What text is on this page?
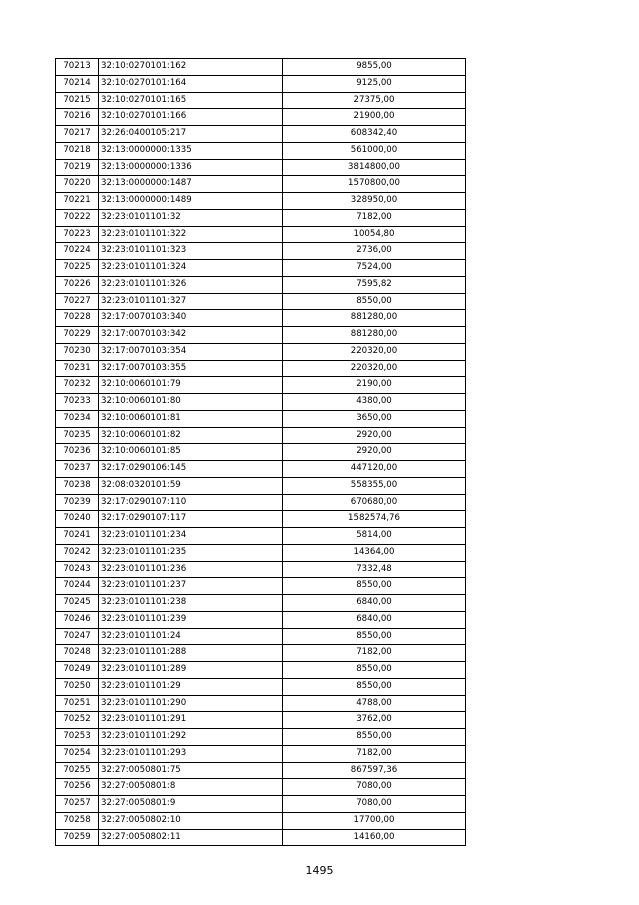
70213	32:10:0270101:162	9855,00
70214	32:10:0270101:164	9125,00
70215	32:10:0270101:165	27375,00
70216	32:10:0270101:166	21900,00
70217	32:26:0400105:217	608342,40
70218	32:13:0000000:1335	561000,00
70219	32:13:0000000:1336	3814800,00
70220	32:13:0000000:1487	1570800,00
70221	32:13:0000000:1489	328950,00
70222	32:23:0101101:32	7182,00
70223	32:23:0101101:322	10054,80
70224	32:23:0101101:323	2736,00
70225	32:23:0101101:324	7524,00
70226	32:23:0101101:326	7595,82
70227	32:23:0101101:327	8550,00
70228	32:17:0070103:340	881280,00
70229	32:17:0070103:342	881280,00
70230	32:17:0070103:354	220320,00
70231	32:17:0070103:355	220320,00
70232	32:10:0060101:79	2190,00
70233	32:10:0060101:80	4380,00
70234	32:10:0060101:81	3650,00
70235	32:10:0060101:82	2920,00
70236	32:10:0060101:85	2920,00
70237	32:17:0290106:145	447120,00
70238	32:08:0320101:59	558355,00
70239	32:17:0290107:110	670680,00
70240	32:17:0290107:117	1582574,76
70241	32:23:0101101:234	5814,00
70242	32:23:0101101:235	14364,00
70243	32:23:0101101:236	7332,48
70244	32:23:0101101:237	8550,00
70245	32:23:0101101:238	6840,00
70246	32:23:0101101:239	6840,00
70247	32:23:0101101:24	8550,00
70248	32:23:0101101:288	7182,00
70249	32:23:0101101:289	8550,00
70250	32:23:0101101:29	8550,00
70251	32:23:0101101:290	4788,00
70252	32:23:0101101:291	3762,00
70253	32:23:0101101:292	8550,00
70254	32:23:0101101:293	7182,00
70255	32:27:0050801:75	867597,36
70256	32:27:0050801:8	7080,00
70257	32:27:0050801:9	7080,00
70258	32:27:0050802:10	17700,00
70259	32:27:0050802:11	14160,00
1495
